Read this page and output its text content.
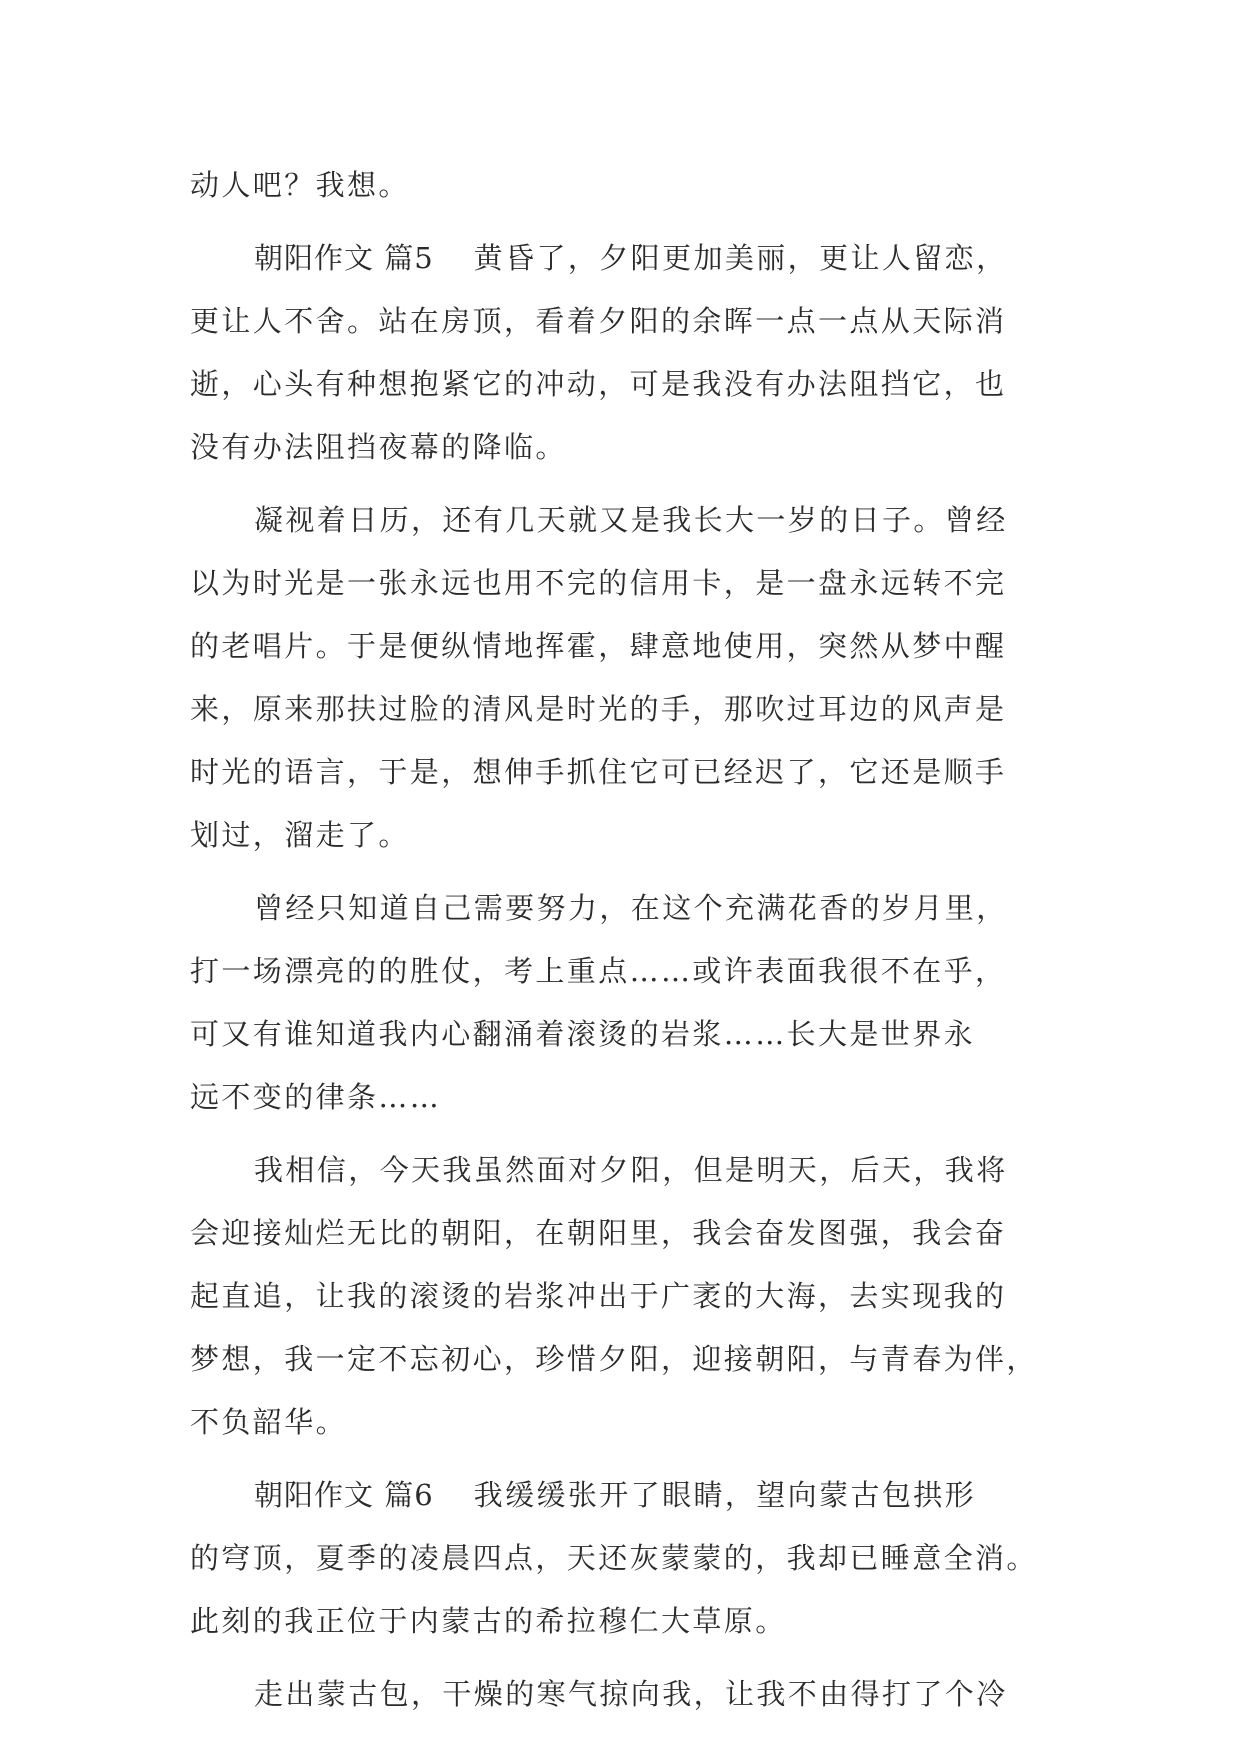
动人吧？我想。
朝阳作文 篇5 黄昏了，夕阳更加美丽，更让人留恋，
更让人不舍。站在房顶，看着夕阳的余晖一点一点从天际消
逝，心头有种想抱紧它的冲动，可是我没有办法阻挡它，也
没有办法阻挡夜幕的降临。
凝视着日历，还有几天就又是我长大一岁的日子。曾经
以为时光是一张永远也用不完的信用卡，是一盘永远转不完
的老唱片。于是便纵情地挥霍，肆意地使用，突然从梦中醒
来，原来那扶过脸的清风是时光的手，那吹过耳边的风声是
时光的语言，于是，想伸手抓住它可已经迟了，它还是顺手
划过，溜走了。
曾经只知道自己需要努力，在这个充满花香的岁月里，
打一场漂亮的的胜仗，考上重点……或许表面我很不在乎，
可又有谁知道我内心翻涌着滚烫的岩浆……长大是世界永
远不变的律条……
我相信，今天我虽然面对夕阳，但是明天，后天，我将
会迎接灿烂无比的朝阳，在朝阳里，我会奋发图强，我会奋
起直追，让我的滚烫的岩浆冲出于广袤的大海，去实现我的
梦想，我一定不忘初心，珍惜夕阳，迎接朝阳，与青春为伴，
不负韶华。
朝阳作文 篇6 我缓缓张开了眼睛，望向蒙古包拱形
的穹顶，夏季的凌晨四点，天还灰蒙蒙的，我却已睡意全消。
此刻的我正位于内蒙古的希拉穆仁大草原。
走出蒙古包，干燥的寒气掠向我，让我不由得打了个冷
